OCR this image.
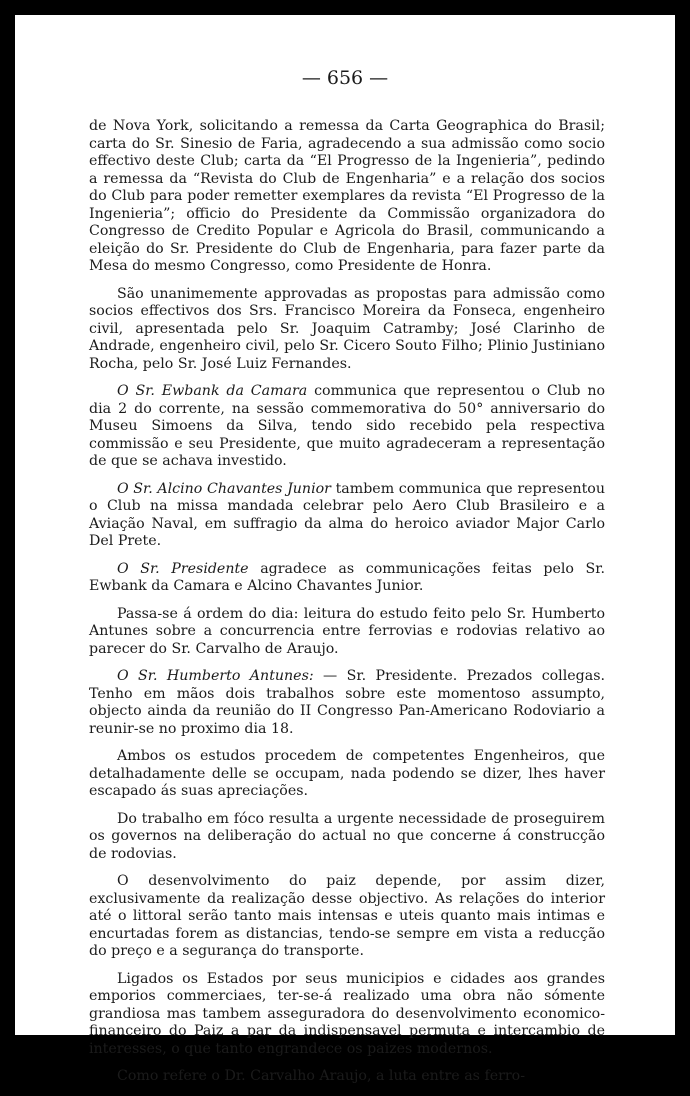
— 656 —

de Nova York, solicitando a remessa da Carta Geographica do Brasil; carta do Sr. Sinesio de Faria, agradecendo a sua admissão como socio effectivo deste Club; carta da “El Progresso de la Ingenieria”, pedindo a remessa da “Revista do Club de Engenharia” e a relação dos socios do Club para poder remetter exemplares da revista “El Progresso de la Ingenieria”; officio do Presidente da Commissão organizadora do Congresso de Credito Popular e Agricola do Brasil, communicando a eleição do Sr. Presidente do Club de Engenharia, para fazer parte da Mesa do mesmo Congresso, como Presidente de Honra.

São unanimemente approvadas as propostas para admissão como socios effectivos dos Srs. Francisco Moreira da Fonseca, engenheiro civil, apresentada pelo Sr. Joaquim Catramby; José Clarinho de Andrade, engenheiro civil, pelo Sr. Cicero Souto Filho; Plinio Justiniano Rocha, pelo Sr. José Luiz Fernandes.

O Sr. Ewbank da Camara communica que representou o Club no dia 2 do corrente, na sessão commemorativa do 50° anniversario do Museu Simoens da Silva, tendo sido recebido pela respectiva commissão e seu Presidente, que muito agradeceram a representação de que se achava investido.

O Sr. Alcino Chavantes Junior tambem communica que representou o Club na missa mandada celebrar pelo Aero Club Brasileiro e a Aviação Naval, em suffragio da alma do heroico aviador Major Carlo Del Prete.

O Sr. Presidente agradece as communicações feitas pelo Sr. Ewbank da Camara e Alcino Chavantes Junior.

Passa-se á ordem do dia: leitura do estudo feito pelo Sr. Humberto Antunes sobre a concurrencia entre ferrovias e rodovias relativo ao parecer do Sr. Carvalho de Araujo.

O Sr. Humberto Antunes: — Sr. Presidente. Prezados collegas. Tenho em mãos dois trabalhos sobre este momentoso assumpto, objecto ainda da reunião do II Congresso Pan-Americano Rodoviario a reunir-se no proximo dia 18.

Ambos os estudos procedem de competentes Engenheiros, que detalhadamente delle se occupam, nada podendo se dizer, lhes haver escapado ás suas apreciações.

Do trabalho em fóco resulta a urgente necessidade de proseguirem os governos na deliberação do actual no que concerne á construcção de rodovias.

O desenvolvimento do paiz depende, por assim dizer, exclusivamente da realização desse objectivo. As relações do interior até o littoral serão tanto mais intensas e uteis quanto mais intimas e encurtadas forem as distancias, tendo-se sempre em vista a reducção do preço e a segurança do transporte.

Ligados os Estados por seus municipios e cidades aos grandes emporios commerciaes, ter-se-á realizado uma obra não sómente grandiosa mas tambem asseguradora do desenvolvimento economico-financeiro do Paiz a par da indispensavel permuta e intercambio de interesses, o que tanto engrandece os paizes modernos.

Como refere o Dr. Carvalho Araujo, a luta entre as ferro-
